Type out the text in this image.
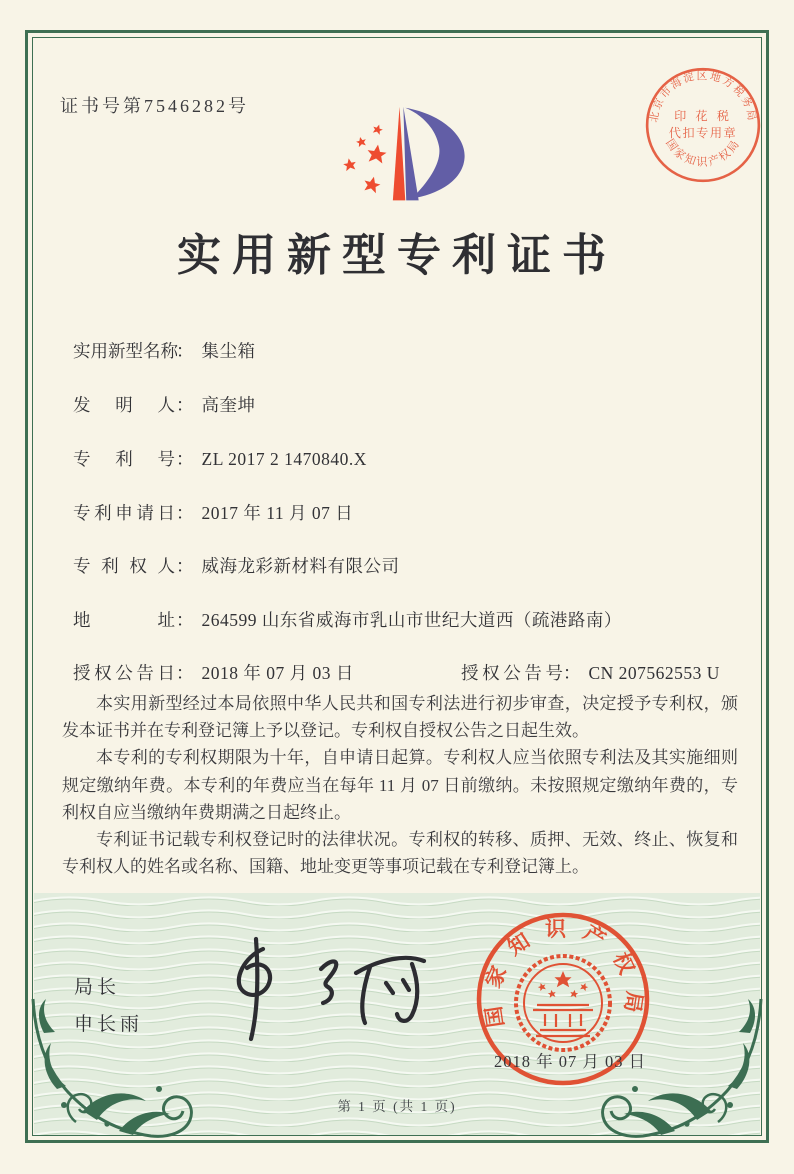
证书号第7546282号
北京市海淀区地方税务局
印 花 税
代扣专用章
国家知识产权局
实用新型专利证书
实用新型名称： 集尘箱
发明人： 高奎坤
专利号： ZL 2017 2 1470840.X
专利申请日： 2017 年 11 月 07 日
专利权人： 威海龙彩新材料有限公司
地址： 264599 山东省威海市乳山市世纪大道西（疏港路南）
授权公告日： 2018 年 07 月 03 日	授权公告号： CN 207562553 U

本实用新型经过本局依照中华人民共和国专利法进行初步审查，决定授予专利权，颁发本证书并在专利登记簿上予以登记。专利权自授权公告之日起生效。

本专利的专利权期限为十年，自申请日起算。专利权人应当依照专利法及其实施细则规定缴纳年费。本专利的年费应当在每年 11 月 07 日前缴纳。未按照规定缴纳年费的，专利权自应当缴纳年费期满之日起终止。

专利证书记载专利权登记时的法律状况。专利权的转移、质押、无效、终止、恢复和专利权人的姓名或名称、国籍、地址变更等事项记载在专利登记簿上。

局长
申长雨	国家知识产权局
2018 年 07 月 03 日
第 1 页 (共 1 页)
